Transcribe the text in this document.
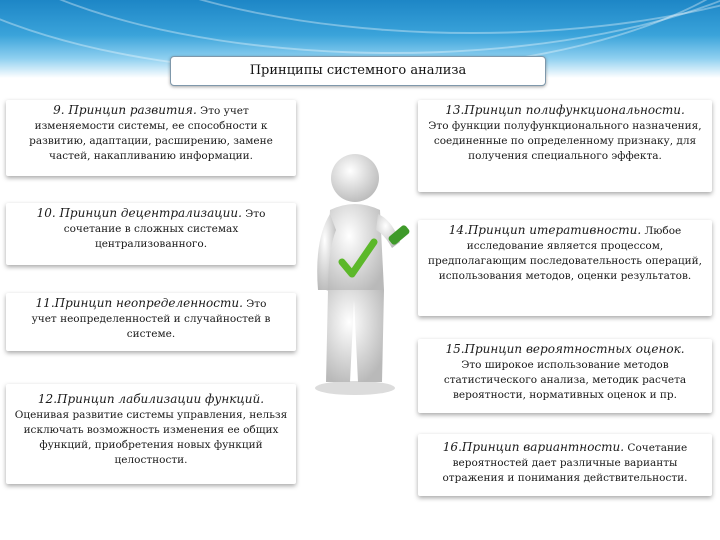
Принципы системного анализа
9. Принцип развития. Это учет
изменяемости системы, ее способности к развитию, адаптации, расширению, замене частей, накапливанию информации.
10. Принцип децентрализации. Это
сочетание в сложных системах централизованного.
11.Принцип неопределенности. Это
учет неопределенностей и случайностей в системе.
12.Принцип лабилизации функций.
Оценивая развитие системы управления, нельзя исключать возможность изменения ее общих функций, приобретения новых функций целостности.
13.Принцип полифункциональности.
Это функции полуфункционального назначения, соединенные по определенному признаку, для получения специального эффекта.
14.Принцип итеративности. Любое
исследование является процессом, предполагающим последовательность операций, использования методов, оценки результатов.
15.Принцип вероятностных оценок.
Это широкое использование методов статистического анализа, методик расчета вероятности, нормативных оценок и пр.
16.Принцип вариантности. Сочетание
вероятностей дает различные варианты отражения и понимания действительности.
